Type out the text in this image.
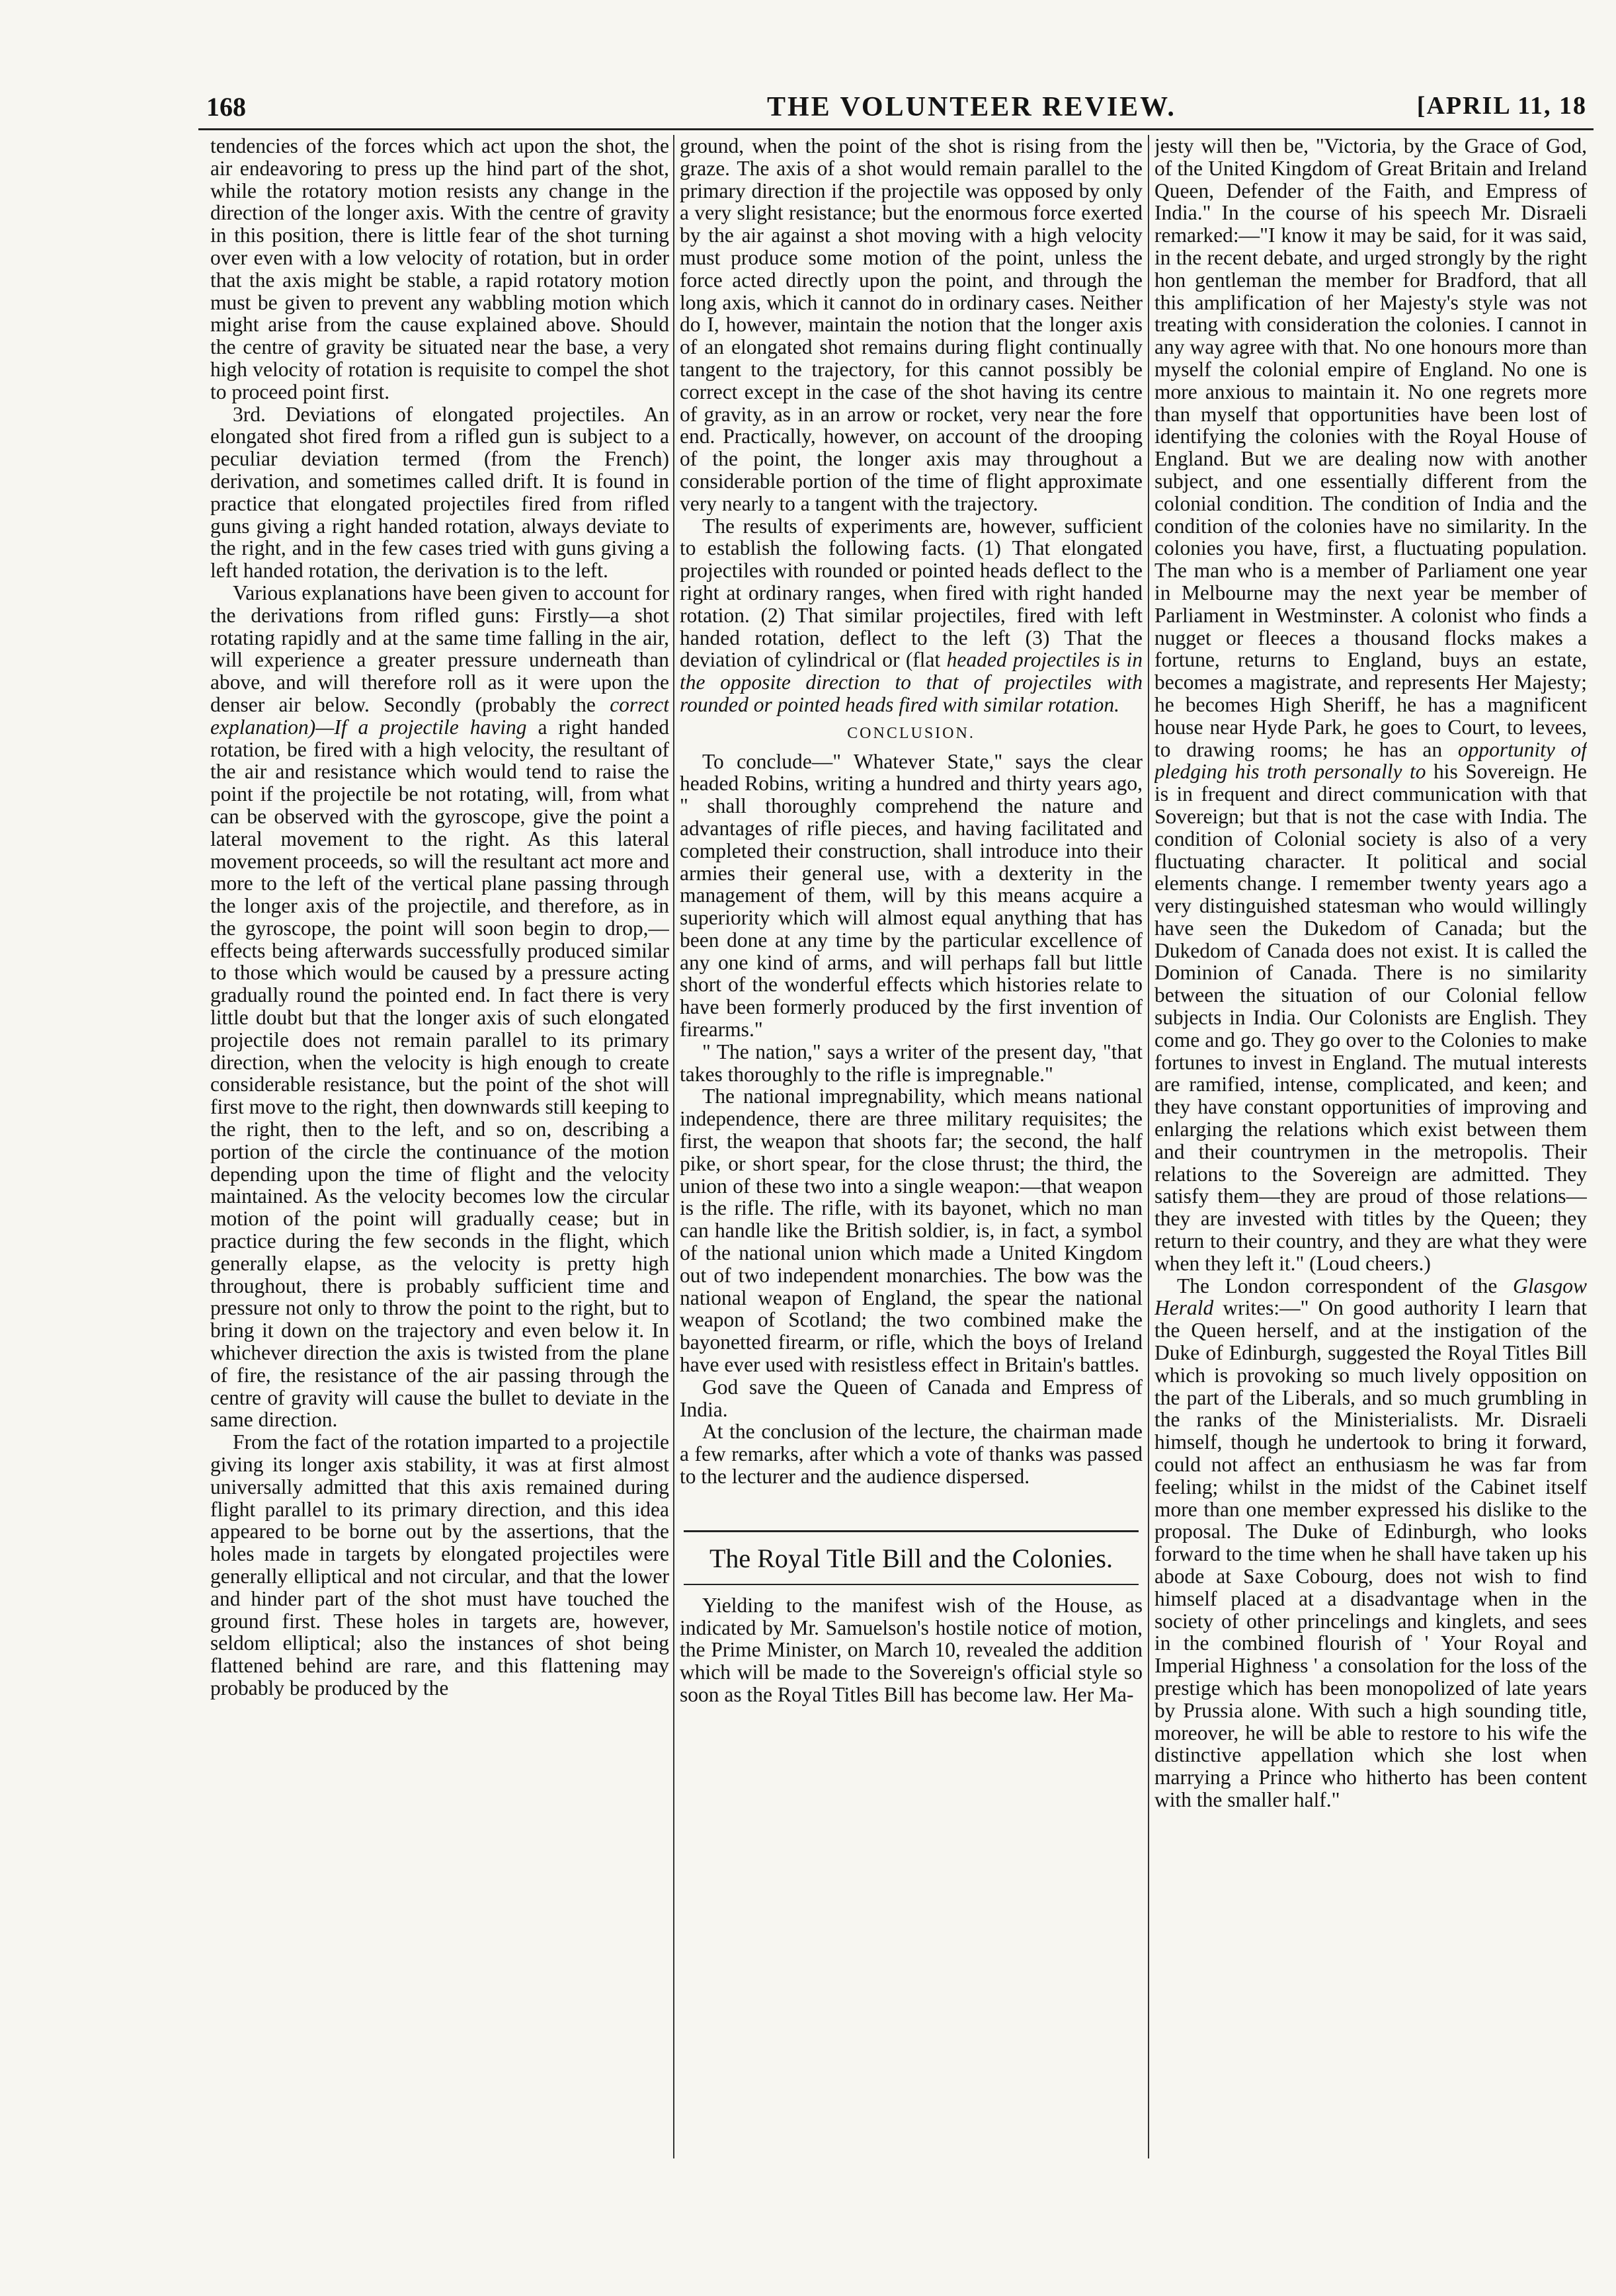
168	THE VOLUNTEER REVIEW.	[APRIL 11, 18

tendencies of the forces which act upon the shot, the air endeavoring to press up the hind part of the shot, while the rotatory motion resists any change in the direction of the longer axis. With the centre of gravity in this position, there is little fear of the shot turning over even with a low velocity of rotation, but in order that the axis might be stable, a rapid rotatory motion must be given to prevent any wabbling motion which might arise from the cause explained above. Should the centre of gravity be situated near the base, a very high velocity of rotation is requisite to compel the shot to proceed point first.

3rd. Deviations of elongated projectiles. An elongated shot fired from a rifled gun is subject to a peculiar deviation termed (from the French) derivation, and sometimes called drift. It is found in practice that elongated projectiles fired from rifled guns giving a right handed rotation, always deviate to the right, and in the few cases tried with guns giving a left handed rotation, the derivation is to the left.

Various explanations have been given to account for the derivations from rifled guns: Firstly—a shot rotating rapidly and at the same time falling in the air, will experience a greater pressure underneath than above, and will therefore roll as it were upon the denser air below. Secondly (probably the correct explanation)—If a projectile having a right handed rotation, be fired with a high velocity, the resultant of the air and resistance which would tend to raise the point if the projectile be not rotating, will, from what can be observed with the gyroscope, give the point a lateral movement to the right. As this lateral movement proceeds, so will the resultant act more and more to the left of the vertical plane passing through the longer axis of the projectile, and therefore, as in the gyroscope, the point will soon begin to drop,—effects being afterwards successfully produced similar to those which would be caused by a pressure acting gradually round the pointed end. In fact there is very little doubt but that the longer axis of such elongated projectile does not remain parallel to its primary direction, when the velocity is high enough to create considerable resistance, but the point of the shot will first move to the right, then downwards still keeping to the right, then to the left, and so on, describing a portion of the circle the continuance of the motion depending upon the time of flight and the velocity maintained. As the velocity becomes low the circular motion of the point will gradually cease; but in practice during the few seconds in the flight, which generally elapse, as the velocity is pretty high throughout, there is probably sufficient time and pressure not only to throw the point to the right, but to bring it down on the trajectory and even below it. In whichever direction the axis is twisted from the plane of fire, the resistance of the air passing through the centre of gravity will cause the bullet to deviate in the same direction.

From the fact of the rotation imparted to a projectile giving its longer axis stability, it was at first almost universally admitted that this axis remained during flight parallel to its primary direction, and this idea appeared to be borne out by the assertions, that the holes made in targets by elongated projectiles were generally elliptical and not circular, and that the lower and hinder part of the shot must have touched the ground first. These holes in targets are, however, seldom elliptical; also the instances of shot being flattened behind are rare, and this flattening may probably be produced by the

ground, when the point of the shot is rising from the graze. The axis of a shot would remain parallel to the primary direction if the projectile was opposed by only a very slight resistance; but the enormous force exerted by the air against a shot moving with a high velocity must produce some motion of the point, unless the force acted directly upon the point, and through the long axis, which it cannot do in ordinary cases. Neither do I, however, maintain the notion that the longer axis of an elongated shot remains during flight continually tangent to the trajectory, for this cannot possibly be correct except in the case of the shot having its centre of gravity, as in an arrow or rocket, very near the fore end. Practically, however, on account of the drooping of the point, the longer axis may throughout a considerable portion of the time of flight approximate very nearly to a tangent with the trajectory.

The results of experiments are, however, sufficient to establish the following facts. (1) That elongated projectiles with rounded or pointed heads deflect to the right at ordinary ranges, when fired with right handed rotation. (2) That similar projectiles, fired with left handed rotation, deflect to the left (3) That the deviation of cylindrical or (flat headed projectiles is in the opposite direction to that of projectiles with rounded or pointed heads fired with similar rotation.

CONCLUSION.

To conclude—" Whatever State," says the clear headed Robins, writing a hundred and thirty years ago, " shall thoroughly comprehend the nature and advantages of rifle pieces, and having facilitated and completed their construction, shall introduce into their armies their general use, with a dexterity in the management of them, will by this means acquire a superiority which will almost equal anything that has been done at any time by the particular excellence of any one kind of arms, and will perhaps fall but little short of the wonderful effects which histories relate to have been formerly produced by the first invention of firearms."

" The nation," says a writer of the present day, "that takes thoroughly to the rifle is impregnable."

The national impregnability, which means national independence, there are three military requisites; the first, the weapon that shoots far; the second, the half pike, or short spear, for the close thrust; the third, the union of these two into a single weapon:—that weapon is the rifle. The rifle, with its bayonet, which no man can handle like the British soldier, is, in fact, a symbol of the national union which made a United Kingdom out of two independent monarchies. The bow was the national weapon of England, the spear the national weapon of Scotland; the two combined make the bayonetted firearm, or rifle, which the boys of Ireland have ever used with resistless effect in Britain's battles.

God save the Queen of Canada and Empress of India.

At the conclusion of the lecture, the chairman made a few remarks, after which a vote of thanks was passed to the lecturer and the audience dispersed.

The Royal Title Bill and the Colonies.

Yielding to the manifest wish of the House, as indicated by Mr. Samuelson's hostile notice of motion, the Prime Minister, on March 10, revealed the addition which will be made to the Sovereign's official style so soon as the Royal Titles Bill has become law. Her Ma-

jesty will then be, "Victoria, by the Grace of God, of the United Kingdom of Great Britain and Ireland Queen, Defender of the Faith, and Empress of India." In the course of his speech Mr. Disraeli remarked:—"I know it may be said, for it was said, in the recent debate, and urged strongly by the right hon gentleman the member for Bradford, that all this amplification of her Majesty's style was not treating with consideration the colonies. I cannot in any way agree with that. No one honours more than myself the colonial empire of England. No one is more anxious to maintain it. No one regrets more than myself that opportunities have been lost of identifying the colonies with the Royal House of England. But we are dealing now with another subject, and one essentially different from the colonial condition. The condition of India and the condition of the colonies have no similarity. In the colonies you have, first, a fluctuating population. The man who is a member of Parliament one year in Melbourne may the next year be member of Parliament in Westminster. A colonist who finds a nugget or fleeces a thousand flocks makes a fortune, returns to England, buys an estate, becomes a magistrate, and represents Her Majesty; he becomes High Sheriff, he has a magnificent house near Hyde Park, he goes to Court, to levees, to drawing rooms; he has an opportunity of pledging his troth personally to his Sovereign. He is in frequent and direct communication with that Sovereign; but that is not the case with India. The condition of Colonial society is also of a very fluctuating character. It political and social elements change. I remember twenty years ago a very distinguished statesman who would willingly have seen the Dukedom of Canada; but the Dukedom of Canada does not exist. It is called the Dominion of Canada. There is no similarity between the situation of our Colonial fellow subjects in India. Our Colonists are English. They come and go. They go over to the Colonies to make fortunes to invest in England. The mutual interests are ramified, intense, complicated, and keen; and they have constant opportunities of improving and enlarging the relations which exist between them and their countrymen in the metropolis. Their relations to the Sovereign are admitted. They satisfy them—they are proud of those relations—they are invested with titles by the Queen; they return to their country, and they are what they were when they left it." (Loud cheers.)

The London correspondent of the Glasgow Herald writes:—" On good authority I learn that the Queen herself, and at the instigation of the Duke of Edinburgh, suggested the Royal Titles Bill which is provoking so much lively opposition on the part of the Liberals, and so much grumbling in the ranks of the Ministerialists. Mr. Disraeli himself, though he undertook to bring it forward, could not affect an enthusiasm he was far from feeling; whilst in the midst of the Cabinet itself more than one member expressed his dislike to the proposal. The Duke of Edinburgh, who looks forward to the time when he shall have taken up his abode at Saxe Cobourg, does not wish to find himself placed at a disadvantage when in the society of other princelings and kinglets, and sees in the combined flourish of ' Your Royal and Imperial Highness ' a consolation for the loss of the prestige which has been monopolized of late years by Prussia alone. With such a high sounding title, moreover, he will be able to restore to his wife the distinctive appellation which she lost when marrying a Prince who hitherto has been content with the smaller half."
